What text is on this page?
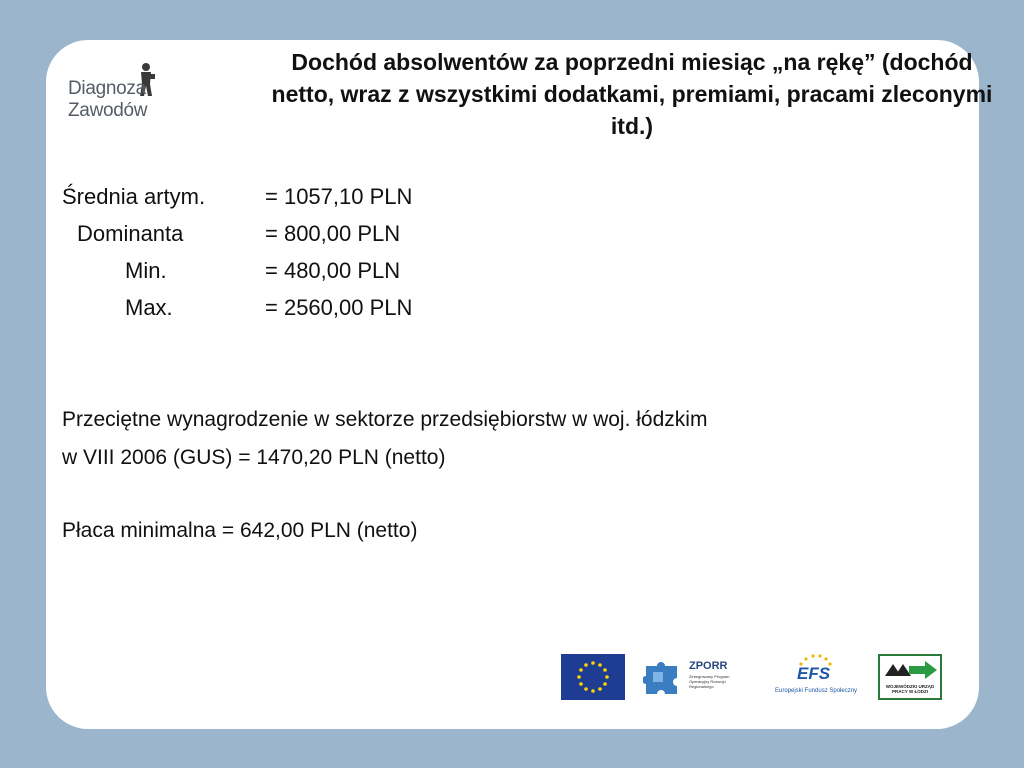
Diagnoza Zawodów
Dochód absolwentów za poprzedni miesiąc „na rękę” (dochód netto, wraz z wszystkimi dodatkami, premiami, pracami zleconymi itd.)
Średnia artym.	= 1057,10 PLN
Dominanta	= 800,00 PLN
Min.	= 480,00 PLN
Max.	= 2560,00 PLN
Przeciętne wynagrodzenie w sektorze przedsiębiorstw w woj. łódzkim
w VIII 2006 (GUS) = 1470,20 PLN (netto)
Płaca minimalna = 642,00 PLN (netto)
ZPORR
Zintegrowany Program Operacyjny Rozwoju Regionalnego
EFS
Europejski Fundusz Społeczny
WOJEWÓDZKI URZĄD PRACY W ŁODZI
